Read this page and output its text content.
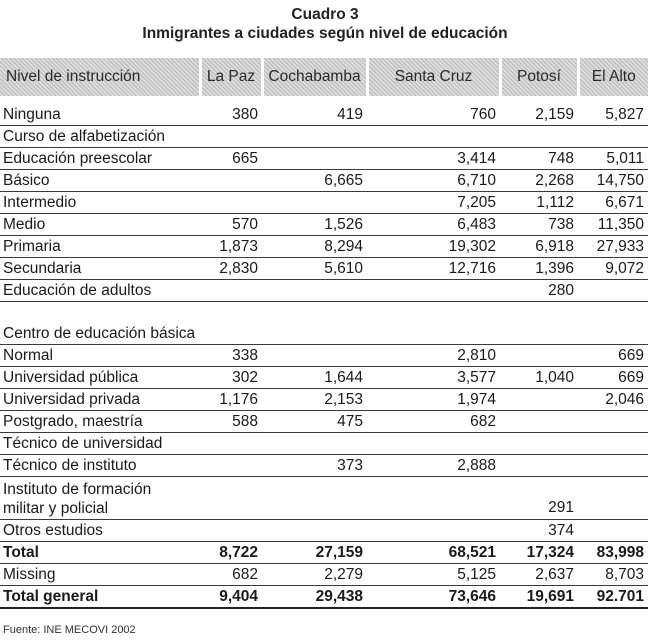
Cuadro 3
Inmigrantes a ciudades según nivel de educación
Nivel de instrucción	La Paz	Cochabamba	Santa Cruz	Potosí	El Alto

Ninguna	380	419	760	2,159	5,827
Curso de alfabetización					
Educación preescolar	665		3,414	748	5,011
Básico		6,665	6,710	2,268	14,750
Intermedio			7,205	1,112	6,671
Medio	570	1,526	6,483	738	11,350
Primaria	1,873	8,294	19,302	6,918	27,933
Secundaria	2,830	5,610	12,716	1,396	9,072
Educación de adultos				280	
Centro de educación básica					
Normal	338		2,810		669
Universidad pública	302	1,644	3,577	1,040	669
Universidad privada	1,176	2,153	1,974		2,046
Postgrado, maestría	588	475	682		
Técnico de universidad					
Técnico de instituto		373	2,888		
Instituto de formación militar y policial				291	
Otros estudios				374	
Total	8,722	27,159	68,521	17,324	83,998
Missing	682	2,279	5,125	2,637	8,703
Total general	9,404	29,438	73,646	19,691	92.701
Fuente: INE MECOVI 2002
